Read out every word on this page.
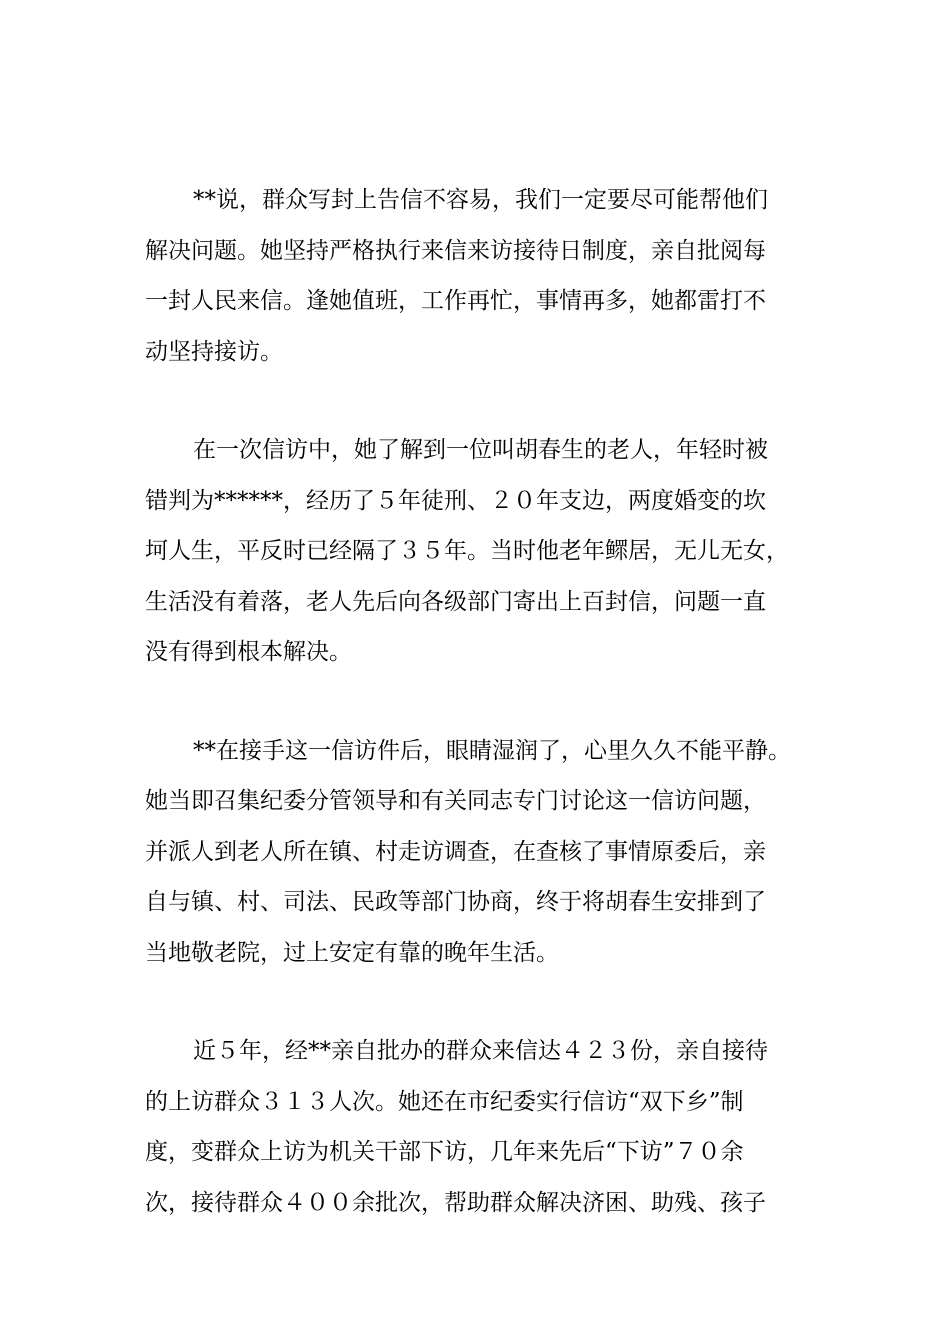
**说，群众写封上告信不容易，我们一定要尽可能帮他们
解决问题。她坚持严格执行来信来访接待日制度，亲自批阅每
一封人民来信。逢她值班，工作再忙，事情再多，她都雷打不
动坚持接访。
在一次信访中，她了解到一位叫胡春生的老人，年轻时被
错判为******，经历了５年徒刑、２０年支边，两度婚变的坎
坷人生，平反时已经隔了３５年。当时他老年鳏居，无儿无女，
生活没有着落，老人先后向各级部门寄出上百封信，问题一直
没有得到根本解决。
**在接手这一信访件后，眼睛湿润了，心里久久不能平静。
她当即召集纪委分管领导和有关同志专门讨论这一信访问题，
并派人到老人所在镇、村走访调查，在查核了事情原委后，亲
自与镇、村、司法、民政等部门协商，终于将胡春生安排到了
当地敬老院，过上安定有靠的晚年生活。
近５年，经**亲自批办的群众来信达４２３份，亲自接待
的上访群众３１３人次。她还在市纪委实行信访“双下乡”制
度，变群众上访为机关干部下访，几年来先后“下访”７０余
次，接待群众４００余批次，帮助群众解决济困、助残、孩子
